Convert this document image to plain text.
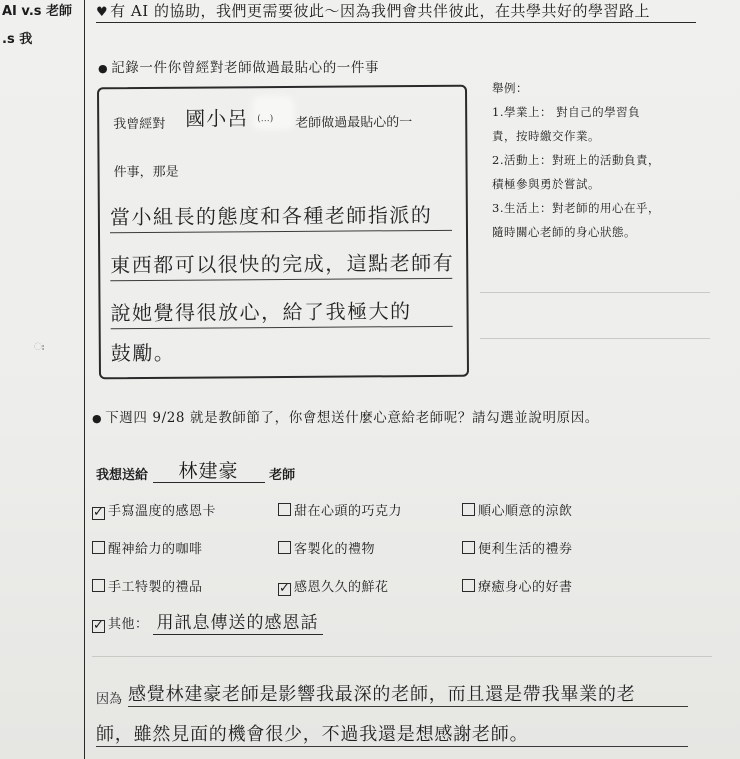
AI v.s 老師
.s 我
ಃ
♥ 有 AI 的協助，我們更需要彼此～因為我們會共伴彼此，在共學共好的學習路上
● 記錄一件你曾經對老師做過最貼心的一件事
我曾經對 國小呂 (…) 老師做過最貼心的一
件事，那是
當小組長的態度和各種老師指派的
東西都可以很快的完成，這點老師有
說她覺得很放心，給了我極大的
鼓勵。
舉例：
1.學業上： 對自己的學習負
責，按時繳交作業。
2.活動上：對班上的活動負責，
積極參與勇於嘗試。
3.生活上：對老師的用心在乎，
隨時關心老師的身心狀態。
● 下週四 9/28 就是教師節了，你會想送什麼心意給老師呢？請勾選並說明原因。
我想送給 林建豪 老師
✓ 手寫溫度的感恩卡	甜在心頭的巧克力	順心順意的涼飲
醒神給力的咖啡	客製化的禮物	便利生活的禮券
手工特製的禮品	✓ 感恩久久的鮮花	療癒身心的好書
✓ 其他： 用訊息傳送的感恩話
因為 感覺林建豪老師是影響我最深的老師，而且還是帶我畢業的老
師，雖然見面的機會很少，不過我還是想感謝老師。
